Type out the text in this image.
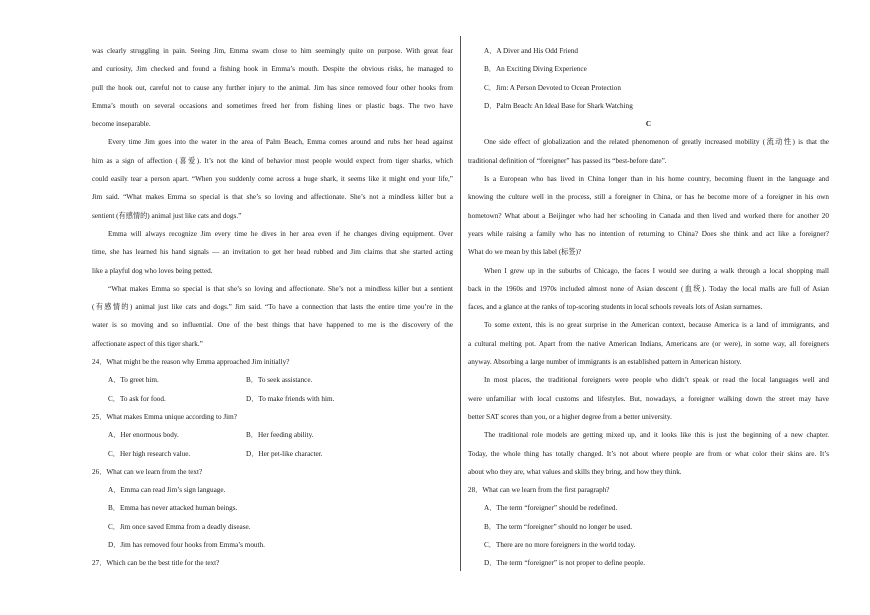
was clearly struggling in pain. Seeing Jim, Emma swam close to him seemingly quite on purpose. With great fear
and curiosity, Jim checked and found a fishing hook in Emma’s mouth. Despite the obvious risks, he managed to
pull the hook out, careful not to cause any further injury to the animal. Jim has since removed four other hooks from
Emma’s mouth on several occasions and sometimes freed her from fishing lines or plastic bags. The two have
become inseparable.
Every time Jim goes into the water in the area of Palm Beach, Emma comes around and rubs her head against
him as a sign of affection (喜爱). It’s not the kind of behavior most people would expect from tiger sharks, which
could easily tear a person apart. “When you suddenly come across a huge shark, it seems like it might end your life,”
Jim said. “What makes Emma so special is that she’s so loving and affectionate. She’s not a mindless killer but a
sentient (有感情的) animal just like cats and dogs.”
Emma will always recognize Jim every time he dives in her area even if he changes diving equipment. Over
time, she has learned his hand signals — an invitation to get her head rubbed and Jim claims that she started acting
like a playful dog who loves being petted.
“What makes Emma so special is that she’s so loving and affectionate. She’s not a mindless killer but a sentient
(有感情的) animal just like cats and dogs.” Jim said. “To have a connection that lasts the entire time you’re in the
water is so moving and so influential. One of the best things that have happened to me is the discovery of the
affectionate aspect of this tiger shark.”
24．What might be the reason why Emma approached Jim initially?
A．To greet him.	B．To seek assistance.
C．To ask for food.	D．To make friends with him.
25．What makes Emma unique according to Jim?
A．Her enormous body.	B．Her feeding ability.
C．Her high research value.	D．Her pet-like character.
26．What can we learn from the text?
A．Emma can read Jim’s sign language.
B．Emma has never attacked human beings.
C．Jim once saved Emma from a deadly disease.
D．Jim has removed four hooks from Emma’s mouth.
27．Which can be the best title for the text?
A．A Diver and His Odd Friend
B．An Exciting Diving Experience
C．Jim: A Person Devoted to Ocean Protection
D．Palm Beach: An Ideal Base for Shark Watching
C
One side effect of globalization and the related phenomenon of greatly increased mobility (流动性) is that the
traditional definition of “foreigner” has passed its “best-before date”.
Is a European who has lived in China longer than in his home country, becoming fluent in the language and
knowing the culture well in the process, still a foreigner in China, or has he become more of a foreigner in his own
hometown? What about a Beijinger who had her schooling in Canada and then lived and worked there for another 20
years while raising a family who has no intention of returning to China? Does she think and act like a foreigner?
What do we mean by this label (标签)?
When I grew up in the suburbs of Chicago, the faces I would see during a walk through a local shopping mall
back in the 1960s and 1970s included almost none of Asian descent (血统). Today the local malls are full of Asian
faces, and a glance at the ranks of top-scoring students in local schools reveals lots of Asian surnames.
To some extent, this is no great surprise in the American context, because America is a land of immigrants, and
a cultural melting pot. Apart from the native American Indians, Americans are (or were), in some way, all foreigners
anyway. Absorbing a large number of immigrants is an established pattern in American history.
In most places, the traditional foreigners were people who didn’t speak or read the local languages well and
were unfamiliar with local customs and lifestyles. But, nowadays, a foreigner walking down the street may have
better SAT scores than you, or a higher degree from a better university.
The traditional role models are getting mixed up, and it looks like this is just the beginning of a new chapter.
Today, the whole thing has totally changed. It’s not about where people are from or what color their skins are. It’s
about who they are, what values and skills they bring, and how they think.
28．What can we learn from the first paragraph?
A．The term “foreigner” should be redefined.
B．The term “foreigner” should no longer be used.
C．There are no more foreigners in the world today.
D．The term “foreigner” is not proper to define people.
